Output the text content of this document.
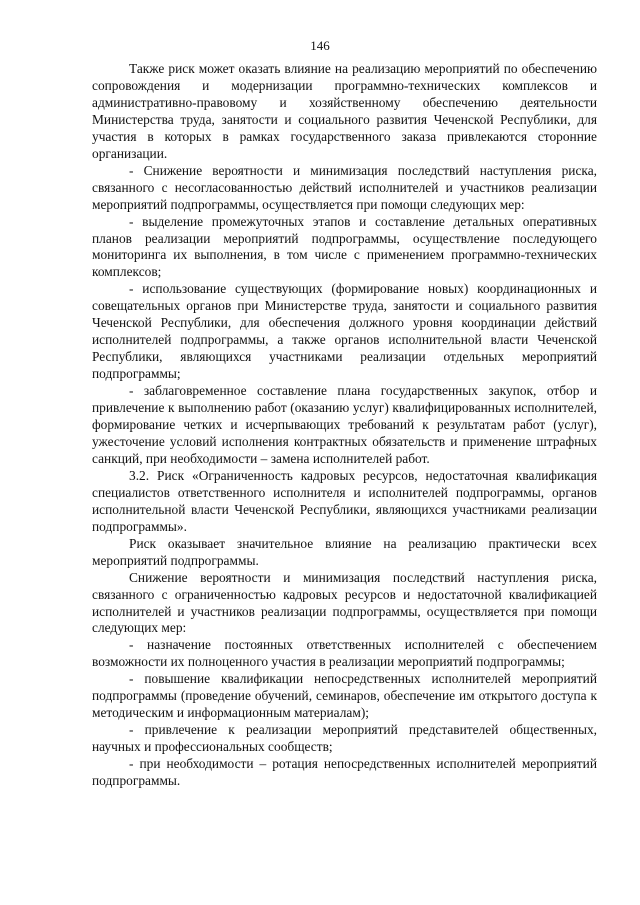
146

Также риск может оказать влияние на реализацию мероприятий по обеспечению сопровождения и модернизации программно-технических комплексов и административно-правовому и хозяйственному обеспечению деятельности Министерства труда, занятости и социального развития Чеченской Республики, для участия в которых в рамках государственного заказа привлекаются сторонние организации.

- Снижение вероятности и минимизация последствий наступления риска, связанного с несогласованностью действий исполнителей и участников реализации мероприятий подпрограммы, осуществляется при помощи следующих мер:

- выделение промежуточных этапов и составление детальных оперативных планов реализации мероприятий подпрограммы, осуществление последующего мониторинга их выполнения, в том числе с применением программно-технических комплексов;

- использование существующих (формирование новых) координационных и совещательных органов при Министерстве труда, занятости и социального развития Чеченской Республики, для обеспечения должного уровня координации действий исполнителей подпрограммы, а также органов исполнительной власти Чеченской Республики, являющихся участниками реализации отдельных мероприятий подпрограммы;

- заблаговременное составление плана государственных закупок, отбор и привлечение к выполнению работ (оказанию услуг) квалифицированных исполнителей, формирование четких и исчерпывающих требований к результатам работ (услуг), ужесточение условий исполнения контрактных обязательств и применение штрафных санкций, при необходимости – замена исполнителей работ.

3.2. Риск «Ограниченность кадровых ресурсов, недостаточная квалификация специалистов ответственного исполнителя и исполнителей подпрограммы, органов исполнительной власти Чеченской Республики, являющихся участниками реализации подпрограммы».

Риск оказывает значительное влияние на реализацию практически всех мероприятий подпрограммы.

Снижение вероятности и минимизация последствий наступления риска, связанного с ограниченностью кадровых ресурсов и недостаточной квалификацией исполнителей и участников реализации подпрограммы, осуществляется при помощи следующих мер:

- назначение постоянных ответственных исполнителей с обеспечением возможности их полноценного участия в реализации мероприятий подпрограммы;

- повышение квалификации непосредственных исполнителей мероприятий подпрограммы (проведение обучений, семинаров, обеспечение им открытого доступа к методическим и информационным материалам);

- привлечение к реализации мероприятий представителей общественных, научных и профессиональных сообществ;

- при необходимости – ротация непосредственных исполнителей мероприятий подпрограммы.
